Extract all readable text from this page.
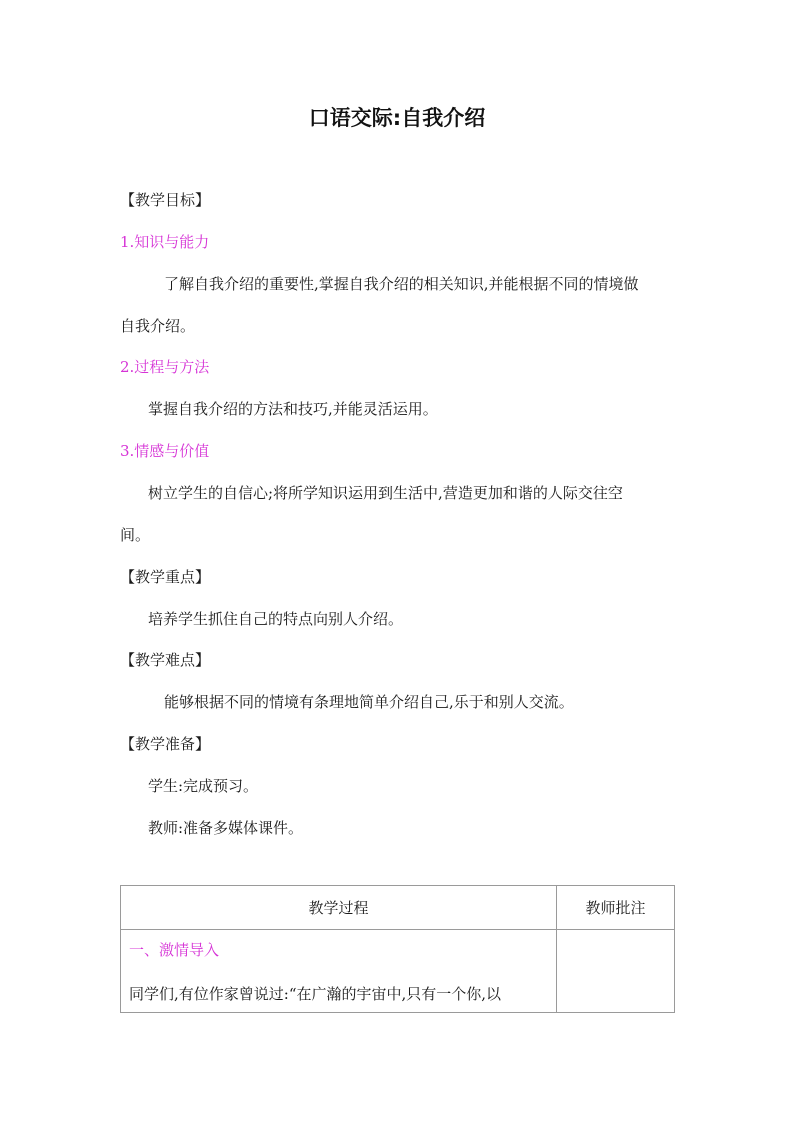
口语交际:自我介绍
【教学目标】
1.知识与能力
了解自我介绍的重要性,掌握自我介绍的相关知识,并能根据不同的情境做
自我介绍。
2.过程与方法
掌握自我介绍的方法和技巧,并能灵活运用。
3.情感与价值
树立学生的自信心;将所学知识运用到生活中,营造更加和谐的人际交往空
间。
【教学重点】
培养学生抓住自己的特点向别人介绍。
【教学难点】
能够根据不同的情境有条理地简单介绍自己,乐于和别人交流。
【教学准备】
学生:完成预习。
教师:准备多媒体课件。
教学过程	教师批注

一、激情导入
同学们,有位作家曾说过:“在广瀚的宇宙中,只有一个你,以	
